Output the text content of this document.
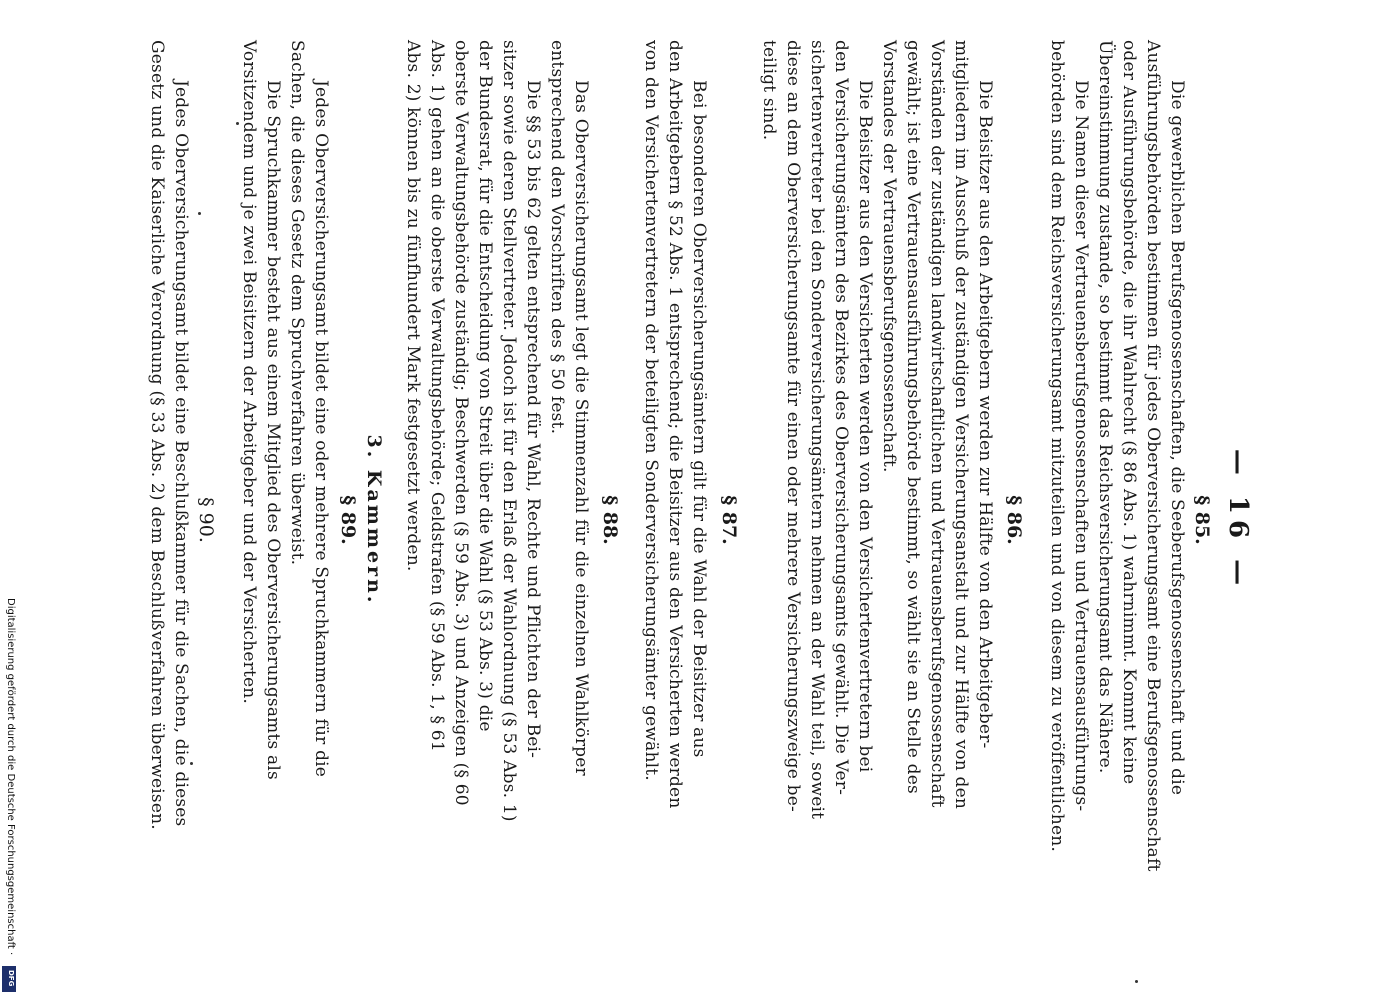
— 16 —
§ 85.
Die gewerblichen Berufsgenossenschaften, die Seeberufsgenossenschaft und die
Ausführungsbehörden bestimmen für jedes Oberversicherungsamt eine Berufsgenossenschaft
oder Ausführungsbehörde, die ihr Wahlrecht (§ 86 Abs. 1) wahrnimmt. Kommt keine
Übereinstimmung zustande, so bestimmt das Reichsversicherungsamt das Nähere.
Die Namen dieser Vertrauensberufsgenossenschaften und Vertrauensausführungs-
behörden sind dem Reichsversicherungsamt mitzuteilen und von diesem zu veröffentlichen.
§ 86.
Die Beisitzer aus den Arbeitgebern werden zur Hälfte von den Arbeitgeber-
mitgliedern im Ausschuß der zuständigen Versicherungsanstalt und zur Hälfte von den
Vorständen der zuständigen landwirtschaftlichen und Vertrauensberufsgenossenschaft
gewählt; ist eine Vertrauensausführungsbehörde bestimmt, so wählt sie an Stelle des
Vorstandes der Vertrauensberufsgenossenschaft.
Die Beisitzer aus den Versicherten werden von den Versichertenvertretern bei
den Versicherungsämtern des Bezirkes des Oberversicherungsamts gewählt. Die Ver-
sichertenvertreter bei den Sonderversicherungsämtern nehmen an der Wahl teil, soweit
diese an dem Oberversicherungsamte für einen oder mehrere Versicherungszweige be-
teiligt sind.
§ 87.
Bei besonderen Oberversicherungsämtern gilt für die Wahl der Beisitzer aus
den Arbeitgebern § 52 Abs. 1 entsprechend; die Beisitzer aus den Versicherten werden
von den Versichertenvertretern der beteiligten Sonderversicherungsämter gewählt.
§ 88.
Das Oberversicherungsamt legt die Stimmenzahl für die einzelnen Wahlkörper
entsprechend den Vorschriften des § 50 fest.
Die §§ 53 bis 62 gelten entsprechend für Wahl, Rechte und Pflichten der Bei-
sitzer sowie deren Stellvertreter. Jedoch ist für den Erlaß der Wahlordnung (§ 53 Abs. 1)
der Bundesrat, für die Entscheidung von Streit über die Wahl (§ 53 Abs. 3) die
oberste Verwaltungsbehörde zuständig; Beschwerden (§ 59 Abs. 3) und Anzeigen (§ 60
Abs. 1) gehen an die oberste Verwaltungsbehörde; Geldstrafen (§ 59 Abs. 1, § 61
Abs. 2) können bis zu fünfhundert Mark festgesetzt werden.
3. Kammern.
§ 89.
Jedes Oberversicherungsamt bildet eine oder mehrere Spruchkammern für die
Sachen, die dieses Gesetz dem Spruchverfahren überweist.
Die Spruchkammer besteht aus einem Mitglied des Oberversicherungsamts als
Vorsitzendem und je zwei Beisitzern der Arbeitgeber und der Versicherten.
§ 90.
Jedes Oberversicherungsamt bildet eine Beschlußkammer für die Sachen, die dieses
Gesetz und die Kaiserliche Verordnung (§ 33 Abs. 2) dem Beschlußverfahren überweisen.
Digitalisierung gefördert durch die Deutsche Forschungsgemeinschaft ·
DFG
